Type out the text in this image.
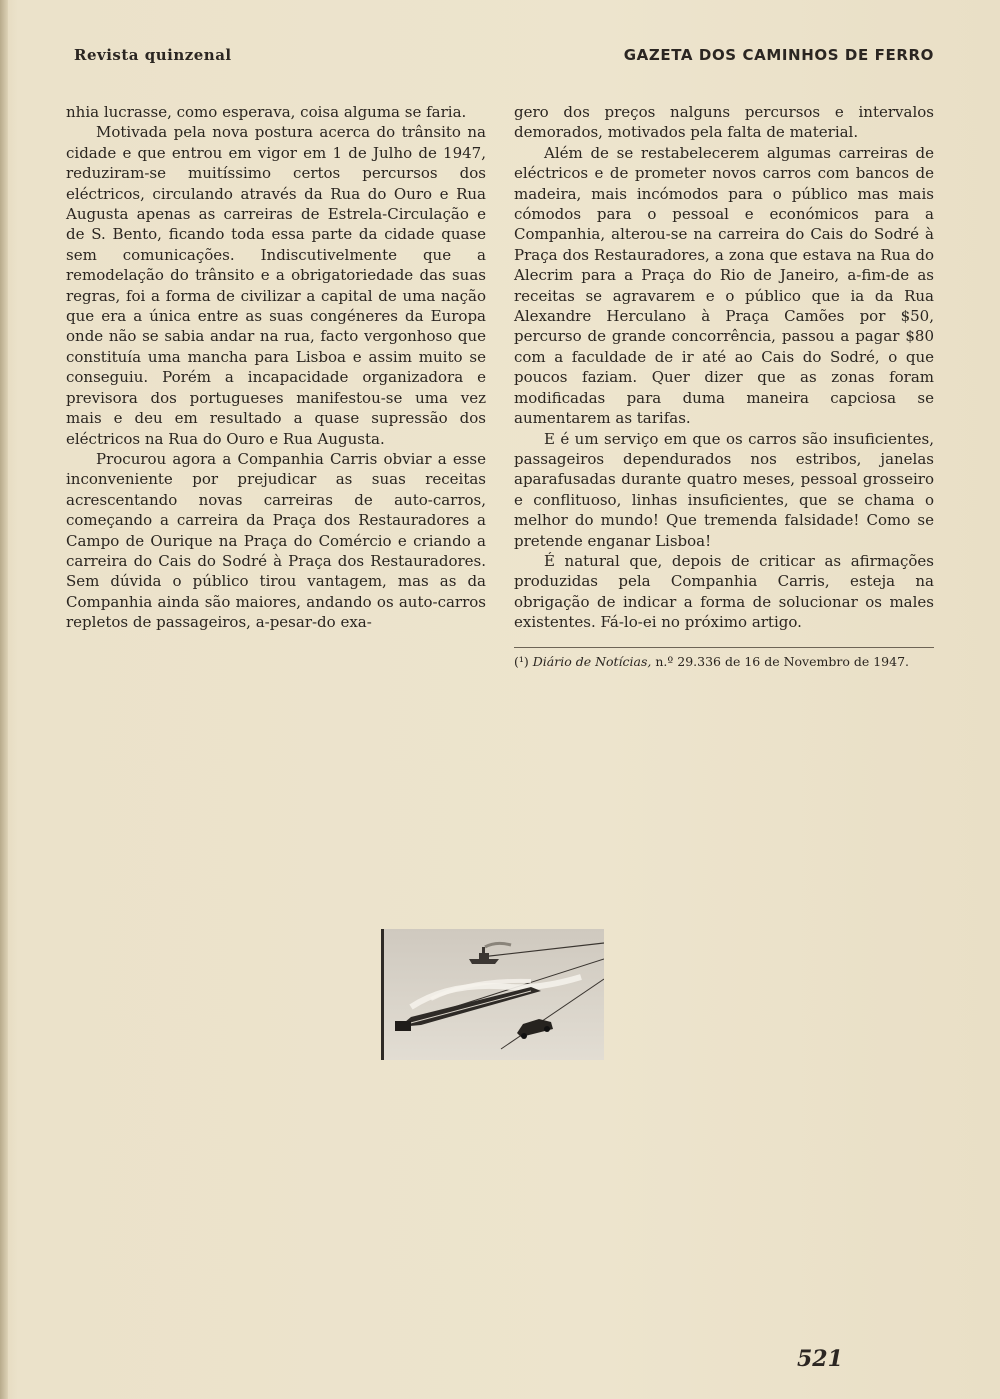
Revista quinzenal	GAZETA DOS CAMINHOS DE FERRO

nhia lucrasse, como esperava, coisa alguma se faria.

Motivada pela nova postura acerca do trânsito na cidade e que entrou em vigor em 1 de Julho de 1947, reduziram-se muitíssimo certos percursos dos eléctricos, circulando através da Rua do Ouro e Rua Augusta apenas as carreiras de Estrela-Circulação e de S. Bento, ficando toda essa parte da cidade quase sem comunicações. Indiscutivelmente que a remodelação do trânsito e a obrigatoriedade das suas regras, foi a forma de civilizar a capital de uma nação que era a única entre as suas congéneres da Europa onde não se sabia andar na rua, facto vergonhoso que constituía uma mancha para Lisboa e assim muito se conseguiu. Porém a incapacidade organizadora e previsora dos portugueses manifestou-se uma vez mais e deu em resultado a quase supressão dos eléctricos na Rua do Ouro e Rua Augusta.

Procurou agora a Companhia Carris obviar a esse inconveniente por prejudicar as suas receitas acrescentando novas carreiras de auto-carros, começando a carreira da Praça dos Restauradores a Campo de Ourique na Praça do Comércio e criando a carreira do Cais do Sodré à Praça dos Restauradores. Sem dúvida o público tirou vantagem, mas as da Companhia ainda são maiores, andando os auto-carros repletos de passageiros, a-pesar-do exa-

gero dos preços nalguns percursos e intervalos demorados, motivados pela falta de material.

Além de se restabelecerem algumas carreiras de eléctricos e de prometer novos carros com bancos de madeira, mais incómodos para o público mas mais cómodos para o pessoal e económicos para a Companhia, alterou-se na carreira do Cais do Sodré à Praça dos Restauradores, a zona que estava na Rua do Alecrim para a Praça do Rio de Janeiro, a-fim-de as receitas se agravarem e o público que ia da Rua Alexandre Herculano à Praça Camões por $50, percurso de grande concorrência, passou a pagar $80 com a faculdade de ir até ao Cais do Sodré, o que poucos faziam. Quer dizer que as zonas foram modificadas para duma maneira capciosa se aumentarem as tarifas.

E é um serviço em que os carros são insuficientes, passageiros dependurados nos estribos, janelas aparafusadas durante quatro meses, pessoal grosseiro e conflituoso, linhas insuficientes, que se chama o melhor do mundo! Que tremenda falsidade! Como se pretende enganar Lisboa!

É natural que, depois de criticar as afirmações produzidas pela Companhia Carris, esteja na obrigação de indicar a forma de solucionar os males existentes. Fá-lo-ei no próximo artigo.

(¹) Diário de Notícias, n.º 29.336 de 16 de Novembro de 1947.
521
